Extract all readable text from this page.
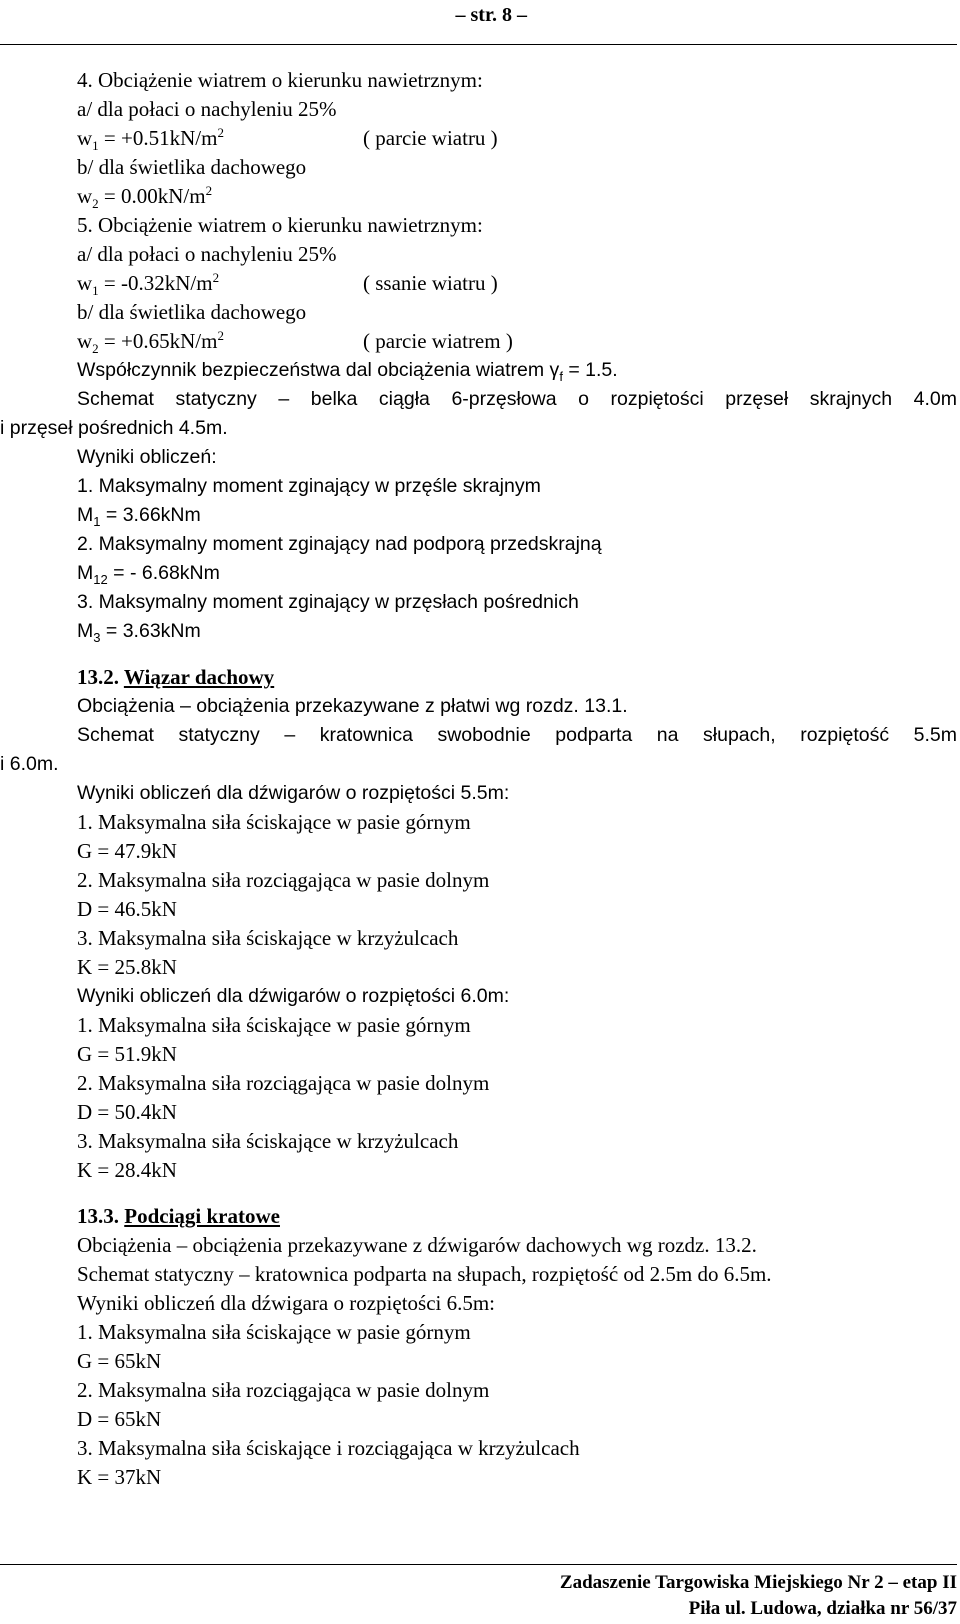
– str. 8 –
4. Obciążenie wiatrem o kierunku nawietrznym:
a/ dla połaci o nachyleniu 25%
$w_1 = +0.51kN/m^2$	( parcie wiatru )
b/ dla świetlika dachowego
$w_2 = 0.00kN/m^2$
5. Obciążenie wiatrem o kierunku nawietrznym:
a/ dla połaci o nachyleniu 25%
$w_1 = -0.32kN/m^2$	( ssanie wiatru )
b/ dla świetlika dachowego
$w_2 = +0.65kN/m^2$	( parcie wiatrem )
Współczynnik bezpieczeństwa dal obciążenia wiatrem $\gamma_f = 1.5$.
Schemat statyczny – belka ciągła 6-przęsłowa o rozpiętości przęseł skrajnych 4.0m
i przęseł pośrednich 4.5m.
Wyniki obliczeń:
1. Maksymalny moment zginający w przęśle skrajnym
$M_1 = 3.66kNm$
2. Maksymalny moment zginający nad podporą przedskrajną
$M_{12}$ = - 6.68kNm
3. Maksymalny moment zginający w przęsłach pośrednich
$M_3 = 3.63kNm$
13.2. Wiązar dachowy
Obciążenia – obciążenia przekazywane z płatwi wg rozdz. 13.1.
Schemat statyczny – kratownica swobodnie podparta na słupach, rozpiętość 5.5m
i 6.0m.
Wyniki obliczeń dla dźwigarów o rozpiętości 5.5m:
1. Maksymalna siła ściskające w pasie górnym
G = 47.9kN
2. Maksymalna siła rozciągająca w pasie dolnym
D = 46.5kN
3. Maksymalna siła ściskające w krzyżulcach
K = 25.8kN
Wyniki obliczeń dla dźwigarów o rozpiętości 6.0m:
1. Maksymalna siła ściskające w pasie górnym
G = 51.9kN
2. Maksymalna siła rozciągająca w pasie dolnym
D = 50.4kN
3. Maksymalna siła ściskające w krzyżulcach
K = 28.4kN
13.3. Podciągi kratowe
Obciążenia – obciążenia przekazywane z dźwigarów dachowych wg rozdz. 13.2.
Schemat statyczny – kratownica podparta na słupach, rozpiętość od 2.5m do 6.5m.
Wyniki obliczeń dla dźwigara o rozpiętości 6.5m:
1. Maksymalna siła ściskające w pasie górnym
G = 65kN
2. Maksymalna siła rozciągająca w pasie dolnym
D = 65kN
3. Maksymalna siła ściskające i rozciągająca w krzyżulcach
K = 37kN
Zadaszenie Targowiska Miejskiego Nr 2 – etap II
Piła ul. Ludowa, działka nr 56/37
